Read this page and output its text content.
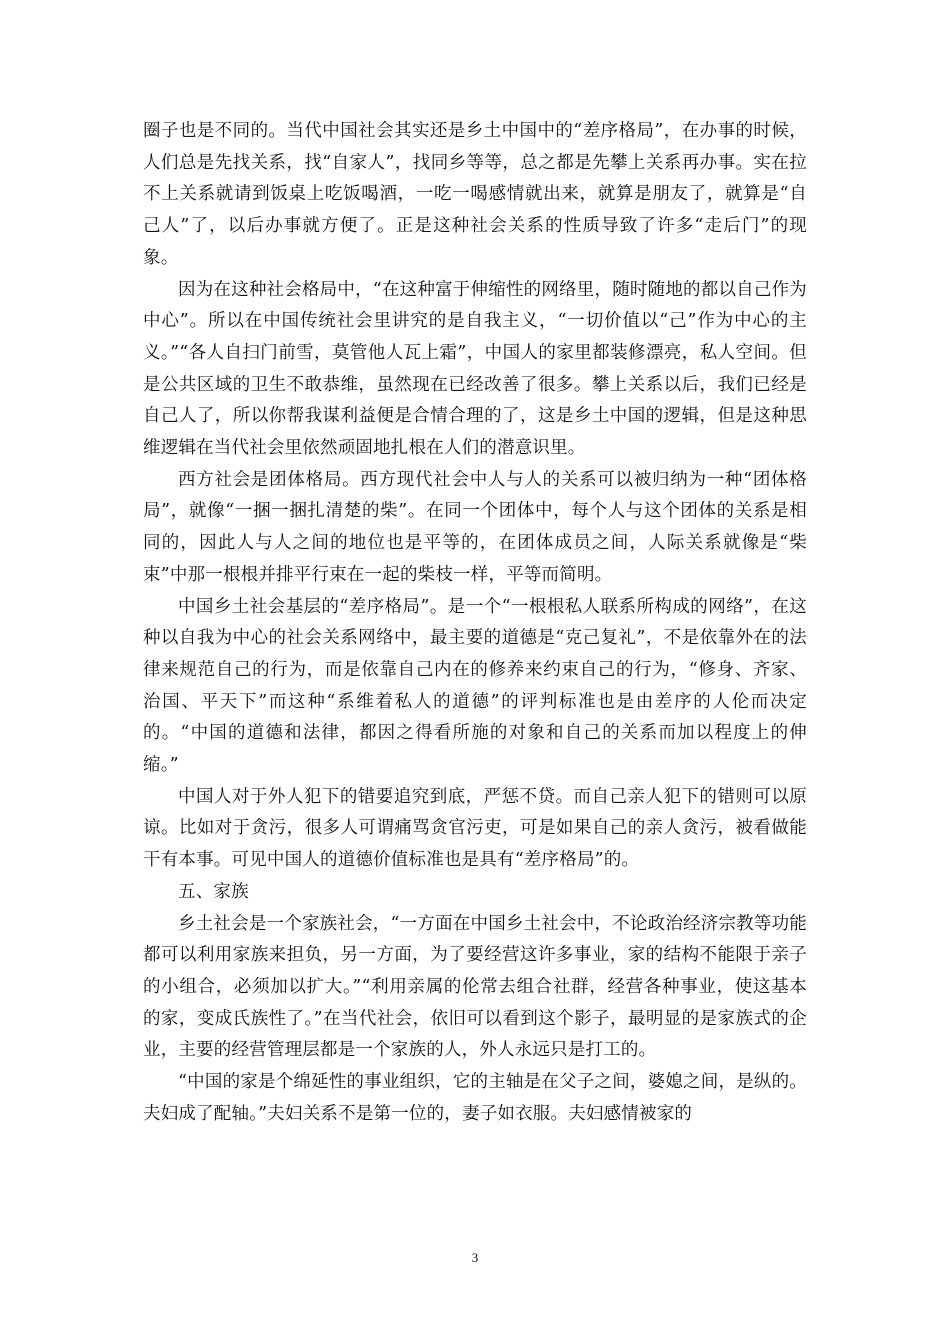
圈子也是不同的。当代中国社会其实还是乡土中国中的“差序格局”，在办事的时候，人们总是先找关系，找“自家人”，找同乡等等，总之都是先攀上关系再办事。实在拉不上关系就请到饭桌上吃饭喝酒，一吃一喝感情就出来，就算是朋友了，就算是“自己人”了，以后办事就方便了。正是这种社会关系的性质导致了许多“走后门”的现象。

因为在这种社会格局中，“在这种富于伸缩性的网络里，随时随地的都以自己作为中心”。所以在中国传统社会里讲究的是自我主义，“一切价值以“己”作为中心的主义。”“各人自扫门前雪，莫管他人瓦上霜”，中国人的家里都装修漂亮，私人空间。但是公共区域的卫生不敢恭维，虽然现在已经改善了很多。攀上关系以后，我们已经是自己人了，所以你帮我谋利益便是合情合理的了，这是乡土中国的逻辑，但是这种思维逻辑在当代社会里依然顽固地扎根在人们的潜意识里。

西方社会是团体格局。西方现代社会中人与人的关系可以被归纳为一种“团体格局”，就像“一捆一捆扎清楚的柴”。在同一个团体中，每个人与这个团体的关系是相同的，因此人与人之间的地位也是平等的，在团体成员之间，人际关系就像是“柴束”中那一根根并排平行束在一起的柴枝一样，平等而简明。

中国乡土社会基层的“差序格局”。是一个“一根根私人联系所构成的网络”，在这种以自我为中心的社会关系网络中，最主要的道德是“克己复礼”，不是依靠外在的法律来规范自己的行为，而是依靠自己内在的修养来约束自己的行为，“修身、齐家、治国、平天下”而这种“系维着私人的道德”的评判标准也是由差序的人伦而决定的。“中国的道德和法律，都因之得看所施的对象和自己的关系而加以程度上的伸缩。”

中国人对于外人犯下的错要追究到底，严惩不贷。而自己亲人犯下的错则可以原谅。比如对于贪污，很多人可谓痛骂贪官污吏，可是如果自己的亲人贪污，被看做能干有本事。可见中国人的道德价值标准也是具有“差序格局”的。

五、家族

乡土社会是一个家族社会，“一方面在中国乡土社会中，不论政治经济宗教等功能都可以利用家族来担负，另一方面，为了要经营这许多事业，家的结构不能限于亲子的小组合，必须加以扩大。”“利用亲属的伦常去组合社群，经营各种事业，使这基本的家，变成氏族性了。”在当代社会，依旧可以看到这个影子，最明显的是家族式的企业，主要的经营管理层都是一个家族的人，外人永远只是打工的。

“中国的家是个绵延性的事业组织，它的主轴是在父子之间，婆媳之间，是纵的。夫妇成了配轴。”夫妇关系不是第一位的，妻子如衣服。夫妇感情被家的

3
